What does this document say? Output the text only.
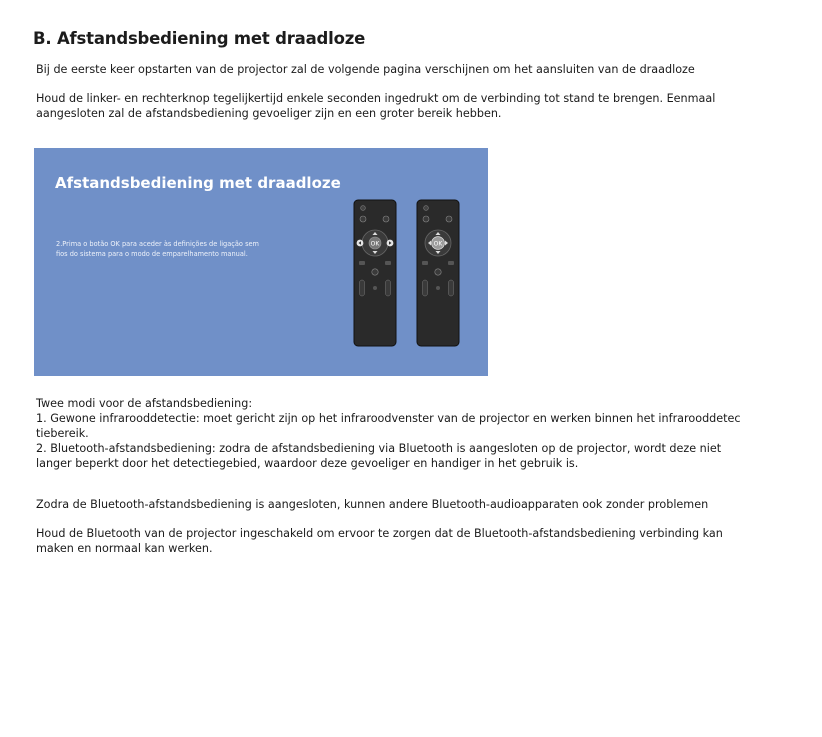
B. Afstandsbediening met draadloze
Bij de eerste keer opstarten van de projector zal de volgende pagina verschijnen om het aansluiten van de draadloze
Houd de linker- en rechterknop tegelijkertijd enkele seconden ingedrukt om de verbinding tot stand te brengen. Eenmaal
aangesloten zal de afstandsbediening gevoeliger zijn en een groter bereik hebben.
Afstandsbediening met draadloze
2.Prima o botão OK para aceder às definições de ligação sem
fios do sistema para o modo de emparelhamento manual.
OK	OK
Twee modi voor de afstandsbediening:
1. Gewone infrarooddetectie: moet gericht zijn op het infraroodvenster van de projector en werken binnen het infrarooddetec
tiebereik.
2. Bluetooth-afstandsbediening: zodra de afstandsbediening via Bluetooth is aangesloten op de projector, wordt deze niet
langer beperkt door het detectiegebied, waardoor deze gevoeliger en handiger in het gebruik is.
Zodra de Bluetooth-afstandsbediening is aangesloten, kunnen andere Bluetooth-audioapparaten ook zonder problemen
Houd de Bluetooth van de projector ingeschakeld om ervoor te zorgen dat de Bluetooth-afstandsbediening verbinding kan
maken en normaal kan werken.
